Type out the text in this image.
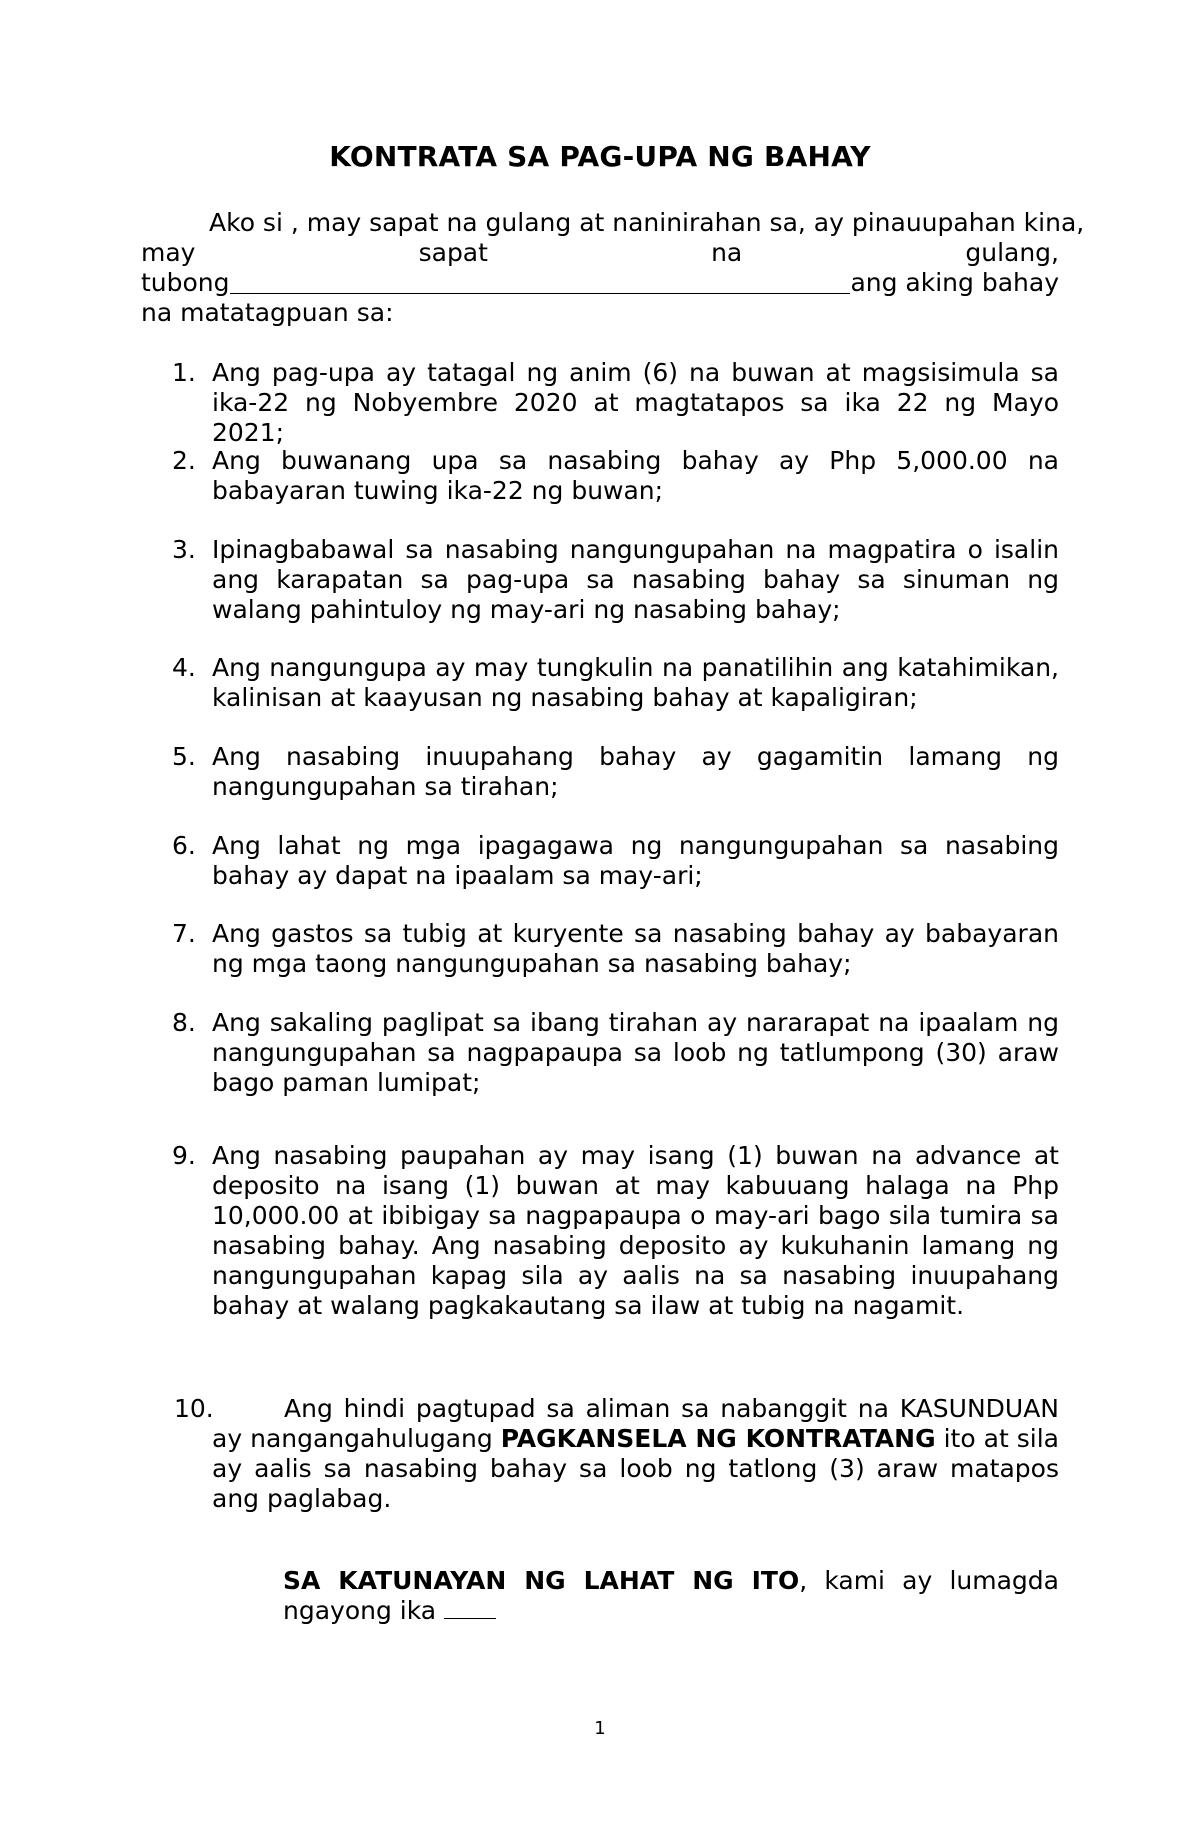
KONTRATA SA PAG-UPA NG BAHAY
Ako si , may sapat na gulang at naninirahan sa, ay pinauupahan kina,
may	sapat	na	gulang,
tubong	ang aking bahay
na matatagpuan sa:
1. Ang pag-upa ay tatagal ng anim (6) na buwan at magsisimula sa ika-22 ng Nobyembre 2020 at magtatapos sa ika 22 ng Mayo 2021;
2. Ang buwanang upa sa nasabing bahay ay Php 5,000.00 na babayaran tuwing ika-22 ng buwan;
3. Ipinagbabawal sa nasabing nangungupahan na magpatira o isalin ang karapatan sa pag-upa sa nasabing bahay sa sinuman ng walang pahintuloy ng may-ari ng nasabing bahay;
4. Ang nangungupa ay may tungkulin na panatilihin ang katahimikan, kalinisan at kaayusan ng nasabing bahay at kapaligiran;
5. Ang nasabing inuupahang bahay ay gagamitin lamang ng nangungupahan sa tirahan;
6. Ang lahat ng mga ipagagawa ng nangungupahan sa nasabing bahay ay dapat na ipaalam sa may-ari;
7. Ang gastos sa tubig at kuryente sa nasabing bahay ay babayaran ng mga taong nangungupahan sa nasabing bahay;
8. Ang sakaling paglipat sa ibang tirahan ay nararapat na ipaalam ng nangungupahan sa nagpapaupa sa loob ng tatlumpong (30) araw bago paman lumipat;
9. Ang nasabing paupahan ay may isang (1) buwan na advance at deposito na isang (1) buwan at may kabuuang halaga na Php 10,000.00 at ibibigay sa nagpapaupa o may-ari bago sila tumira sa nasabing bahay. Ang nasabing deposito ay kukuhanin lamang ng nangungupahan kapag sila ay aalis na sa nasabing inuupahang bahay at walang pagkakautang sa ilaw at tubig na nagamit.
10.	Ang hindi pagtupad sa aliman sa nabanggit na KASUNDUAN ay nangangahulugang PAGKANSELA NG KONTRATANG ito at sila ay aalis sa nasabing bahay sa loob ng tatlong (3) araw matapos ang paglabag.
SA KATUNAYAN NG LAHAT NG ITO, kami ay lumagda ngayong ika
1
